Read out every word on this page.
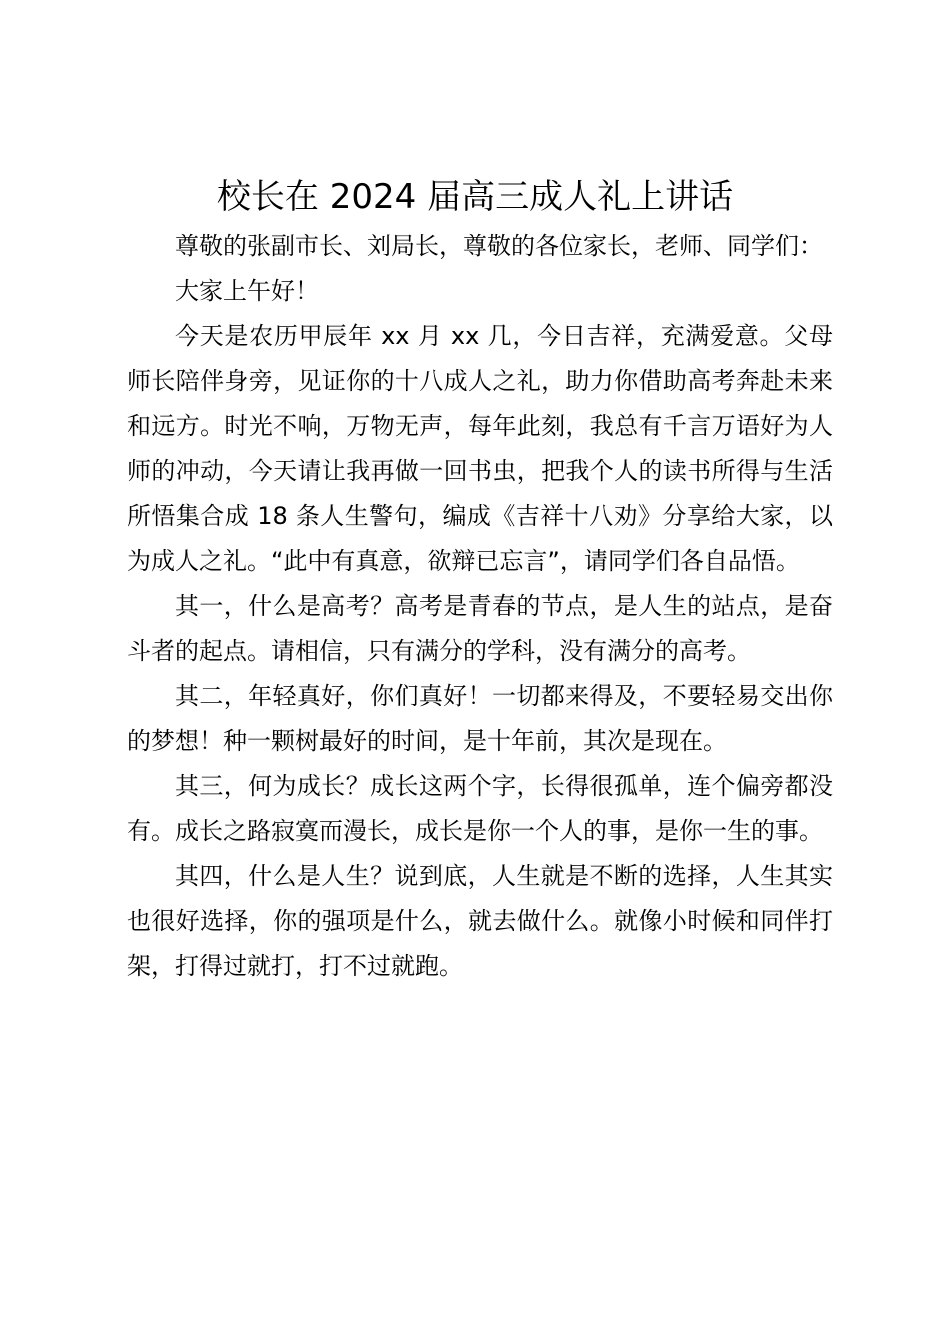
校长在 2024 届高三成人礼上讲话

尊敬的张副市长、刘局长，尊敬的各位家长，老师、同学们：

大家上午好！

今天是农历甲辰年 xx 月 xx 几，今日吉祥，充满爱意。父母师长陪伴身旁，见证你的十八成人之礼，助力你借助高考奔赴未来和远方。时光不响，万物无声，每年此刻，我总有千言万语好为人师的冲动，今天请让我再做一回书虫，把我个人的读书所得与生活所悟集合成 18 条人生警句，编成《吉祥十八劝》分享给大家，以为成人之礼。“此中有真意，欲辩已忘言”，请同学们各自品悟。

其一，什么是高考？高考是青春的节点，是人生的站点，是奋斗者的起点。请相信，只有满分的学科，没有满分的高考。

其二，年轻真好，你们真好！一切都来得及，不要轻易交出你的梦想！种一颗树最好的时间，是十年前，其次是现在。

其三，何为成长？成长这两个字，长得很孤单，连个偏旁都没有。成长之路寂寞而漫长，成长是你一个人的事，是你一生的事。

其四，什么是人生？说到底，人生就是不断的选择，人生其实也很好选择，你的强项是什么，就去做什么。就像小时候和同伴打架，打得过就打，打不过就跑。
